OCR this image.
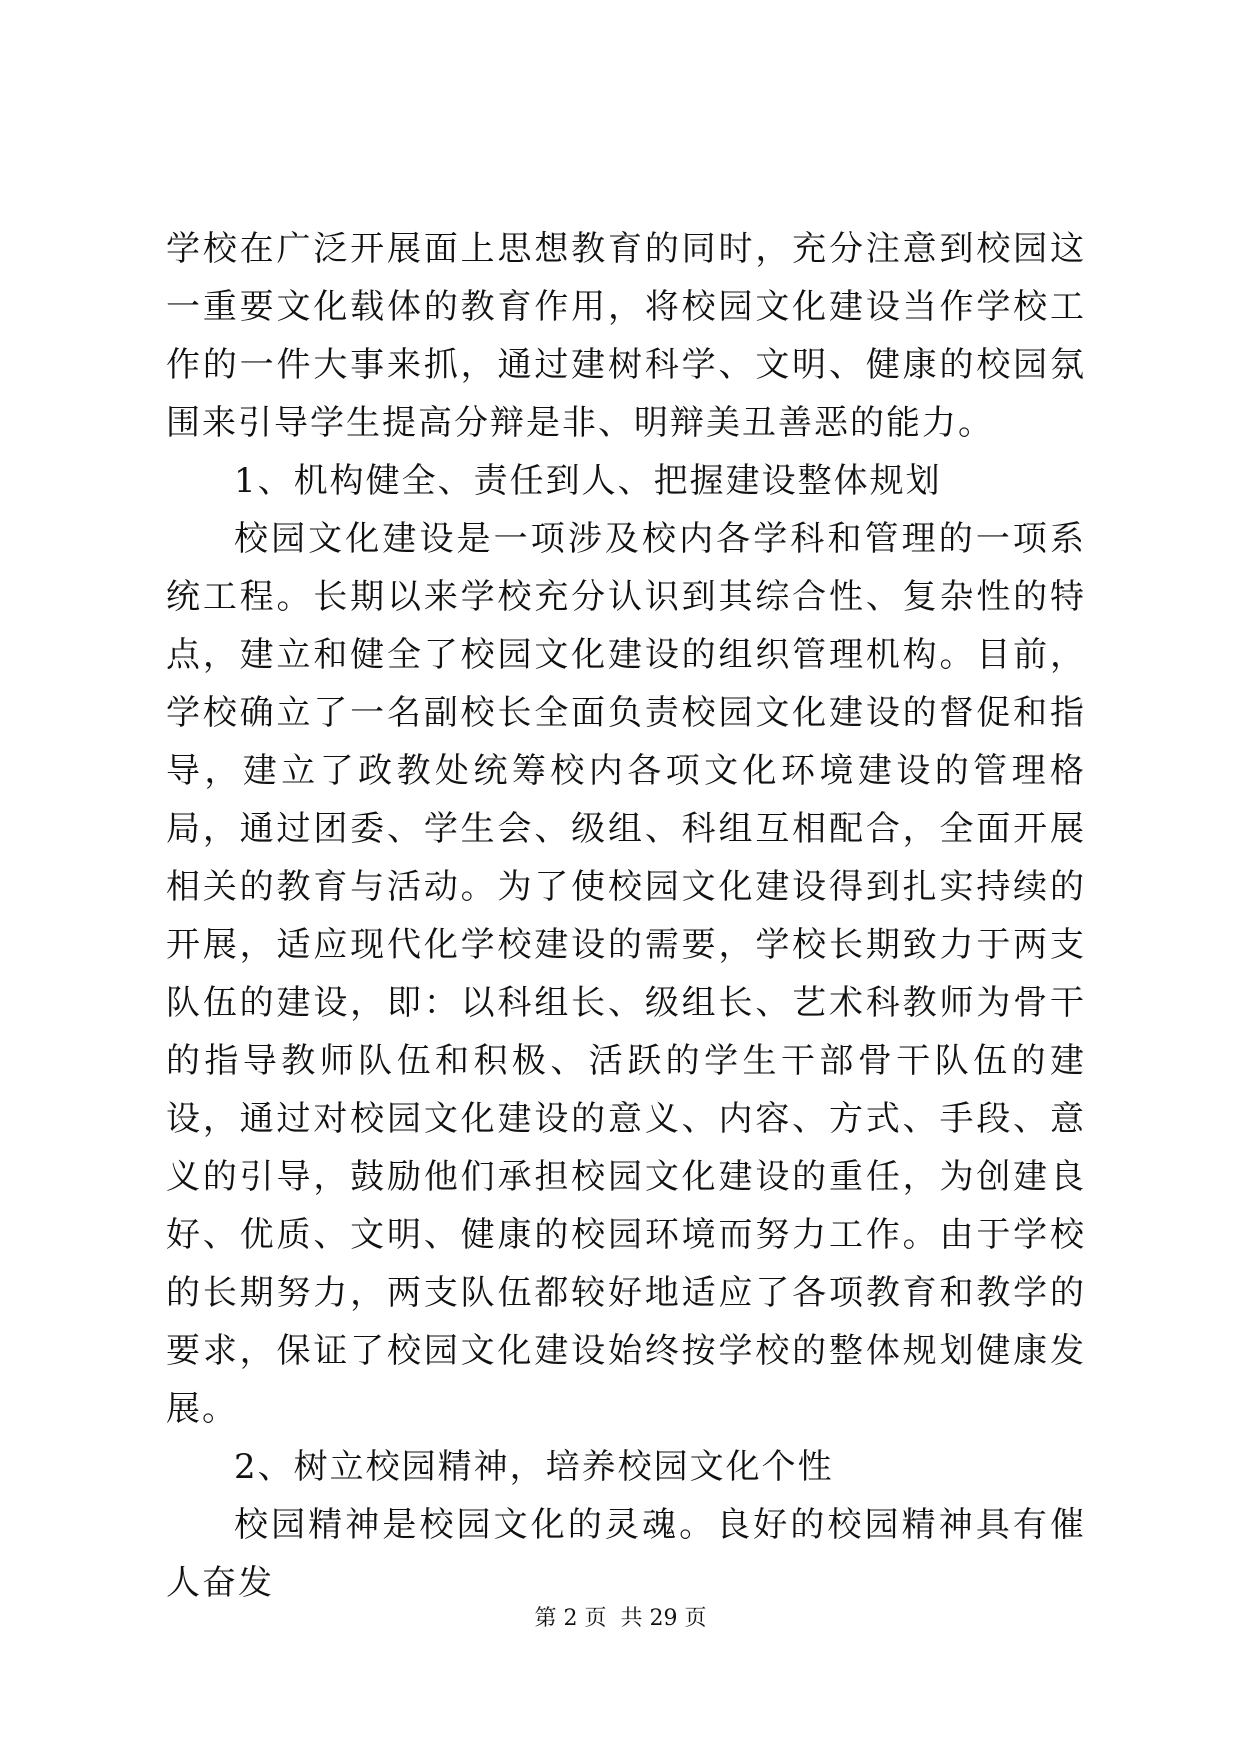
学校在广泛开展面上思想教育的同时，充分注意到校园这一重要文化载体的教育作用，将校园文化建设当作学校工作的一件大事来抓，通过建树科学、文明、健康的校园氛围来引导学生提高分辩是非、明辩美丑善恶的能力。

1、机构健全、责任到人、把握建设整体规划

校园文化建设是一项涉及校内各学科和管理的一项系统工程。长期以来学校充分认识到其综合性、复杂性的特点，建立和健全了校园文化建设的组织管理机构。目前，学校确立了一名副校长全面负责校园文化建设的督促和指导，建立了政教处统筹校内各项文化环境建设的管理格局，通过团委、学生会、级组、科组互相配合，全面开展相关的教育与活动。为了使校园文化建设得到扎实持续的开展，适应现代化学校建设的需要，学校长期致力于两支队伍的建设，即：以科组长、级组长、艺术科教师为骨干的指导教师队伍和积极、活跃的学生干部骨干队伍的建设，通过对校园文化建设的意义、内容、方式、手段、意义的引导，鼓励他们承担校园文化建设的重任，为创建良好、优质、文明、健康的校园环境而努力工作。由于学校的长期努力，两支队伍都较好地适应了各项教育和教学的要求，保证了校园文化建设始终按学校的整体规划健康发展。

2、树立校园精神，培养校园文化个性

校园精神是校园文化的灵魂。良好的校园精神具有催人奋发

第 2 页 共 29 页
